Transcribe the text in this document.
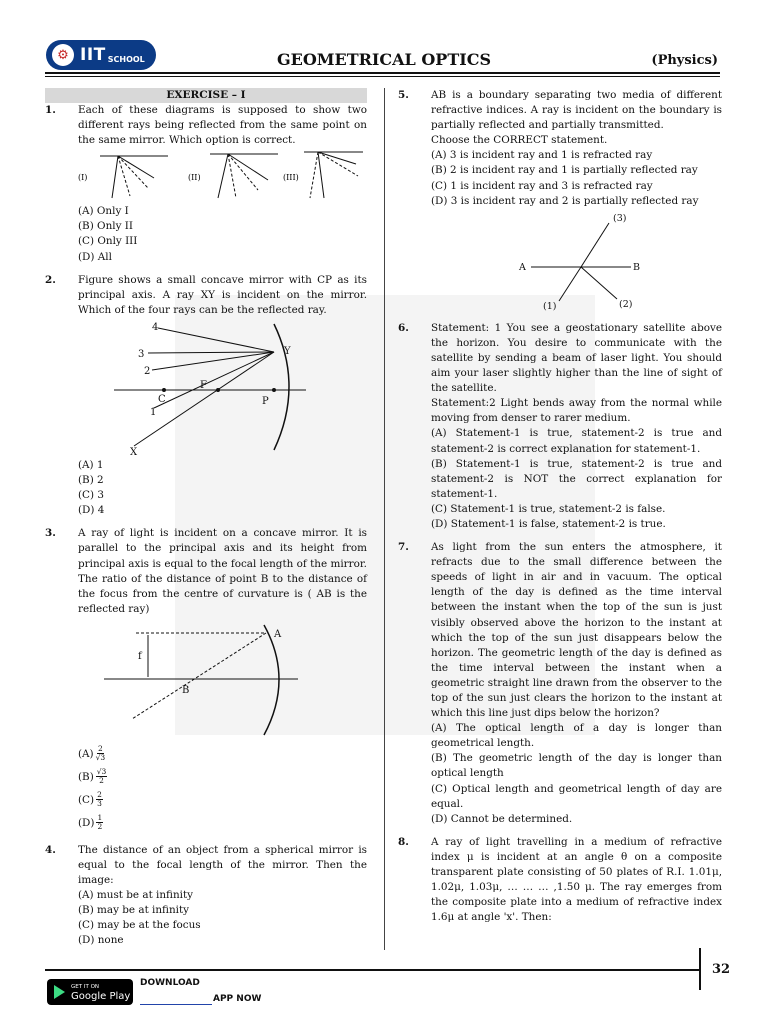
⚙ IIT SCHOOL	GEOMETRICAL OPTICS	(Physics)
EXERCISE – I
1.	Each of these diagrams is supposed to show two different rays being reflected from the same point on the same mirror. Which option is correct.
(I)	(II)	(III)
(A) Only I
(B) Only II
(C) Only III
(D) All
2.	Figure shows a small concave mirror with CP as its principal axis. A ray XY is incident on the mirror. Which of the four rays can be the reflected ray.
4
3
2
1
Y
C
F
P
X
(A) 1
(B) 2
(C) 3
(D) 4
3.	A ray of light is incident on a concave mirror. It is parallel to the principal axis and its height from principal axis is equal to the focal length of the mirror. The ratio of the distance of point B to the distance of the focus from the centre of curvature is ( AB is the reflected ray)
A
f
B
$(A) \frac{2}{√3}$
$(B) \frac{√3}{2}$
$(C) \frac{2}{3}$
$(D) \frac{1}{2}$
4.	The distance of an object from a spherical mirror is equal to the focal length of the mirror. Then the image:
(A) must be at infinity
(B) may be at infinity
(C) may be at the focus
(D) none
5.	AB is a boundary separating two media of different refractive indices. A ray is incident on the boundary is partially reflected and partially transmitted.
Choose the CORRECT statement.
(A) 3 is incident ray and 1 is refracted ray
(B) 2 is incident ray and 1 is partially reflected ray
(C) 1 is incident ray and 3 is refracted ray
(D) 3 is incident ray and 2 is partially reflected ray
(3)
A	B
(1)	(2)
6.	Statement: 1 You see a geostationary satellite above the horizon. You desire to communicate with the satellite by sending a beam of laser light. You should aim your laser slightly higher than the line of sight of the satellite.
Statement:2 Light bends away from the normal while moving from denser to rarer medium.
(A) Statement-1 is true, statement-2 is true and statement-2 is correct explanation for statement-1.
(B) Statement-1 is true, statement-2 is true and statement-2 is NOT the correct explanation for statement-1.
(C) Statement-1 is true, statement-2 is false.
(D) Statement-1 is false, statement-2 is true.
7.	As light from the sun enters the atmosphere, it refracts due to the small difference between the speeds of light in air and in vacuum. The optical length of the day is defined as the time interval between the instant when the top of the sun is just visibly observed above the horizon to the instant at which the top of the sun just disappears below the horizon. The geometric length of the day is defined as the time interval between the instant when a geometric straight line drawn from the observer to the top of the sun just clears the horizon to the instant at which this line just dips below the horizon?
(A) The optical length of a day is longer than geometrical length.
(B) The geometric length of the day is longer than optical length
(C) Optical length and geometrical length of day are equal.
(D) Cannot be determined.
8.	A ray of light travelling in a medium of refractive index μ is incident at an angle θ on a composite transparent plate consisting of 50 plates of R.I. 1.01μ, 1.02μ, 1.03μ, … … … ,1.50 μ. The ray emerges from the composite plate into a medium of refractive index 1.6μ at angle 'x'. Then:
32
GET IT ON
Google Play
DOWNLOAD
APP NOW
